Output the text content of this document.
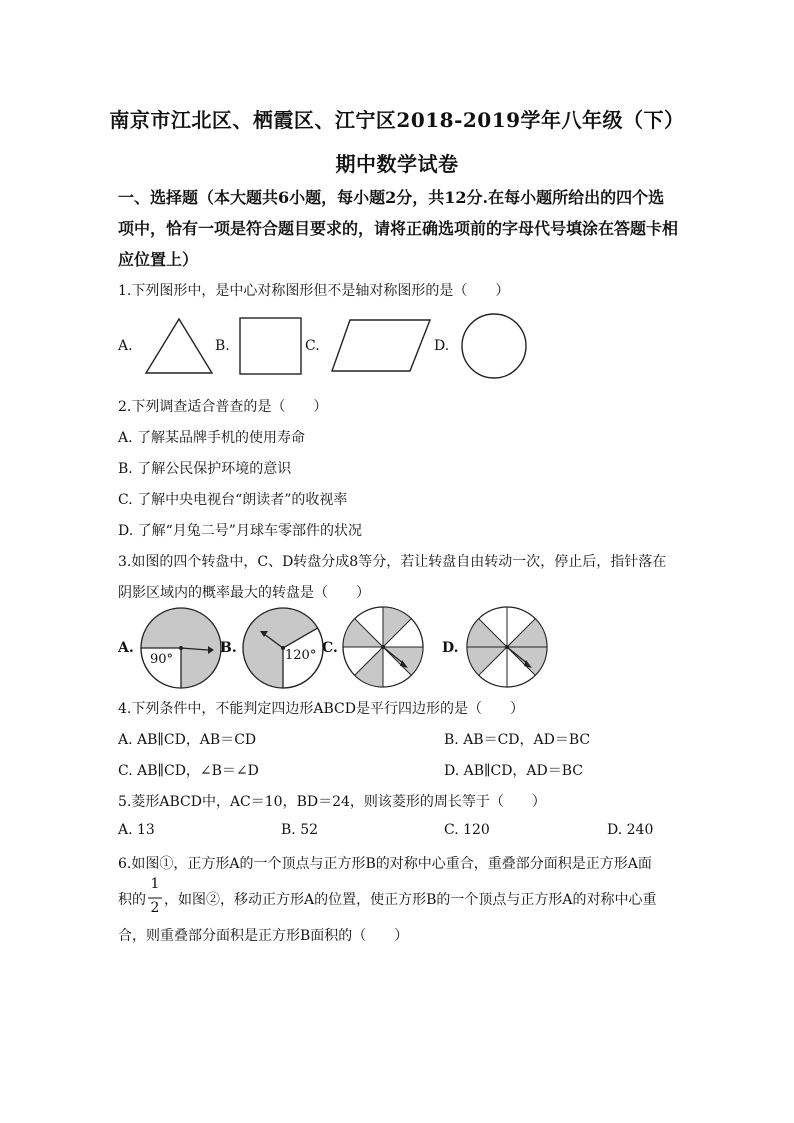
南京市江北区、栖霞区、江宁区2018-2019学年八年级（下）
期中数学试卷
一、选择题（本大题共6小题，每小题2分，共12分.在每小题所给出的四个选项中，恰有一项是符合题目要求的，请将正确选项前的字母代号填涂在答题卡相应位置上）
1.下列图形中，是中心对称图形但不是轴对称图形的是（　　）
A.	B.	C.	D.
2.下列调查适合普查的是（　　）
A. 了解某品牌手机的使用寿命
B. 了解公民保护环境的意识
C. 了解中央电视台“朗读者”的收视率
D. 了解“月兔二号”月球车零部件的状况
3.如图的四个转盘中，C、D转盘分成8等分，若让转盘自由转动一次，停止后，指针落在
阴影区域内的概率最大的转盘是（　　）
A.
90°
B.	120° C.	D.
4.下列条件中，不能判定四边形ABCD是平行四边形的是（　　）
A. AB∥CD，AB＝CD	B. AB＝CD，AD＝BC
C. AB∥CD，∠B＝∠D	D. AB∥CD，AD＝BC
5.菱形ABCD中，AC＝10，BD＝24，则该菱形的周长等于（　　）
A. 13	B. 52	C. 120	D. 240
6.如图①，正方形A的一个顶点与正方形B的对称中心重合，重叠部分面积是正方形A面
积的
1
2 ，如图②，移动正方形A的位置，使正方形B的一个顶点与正方形A的对称中心重
合，则重叠部分面积是正方形B面积的（　　）
